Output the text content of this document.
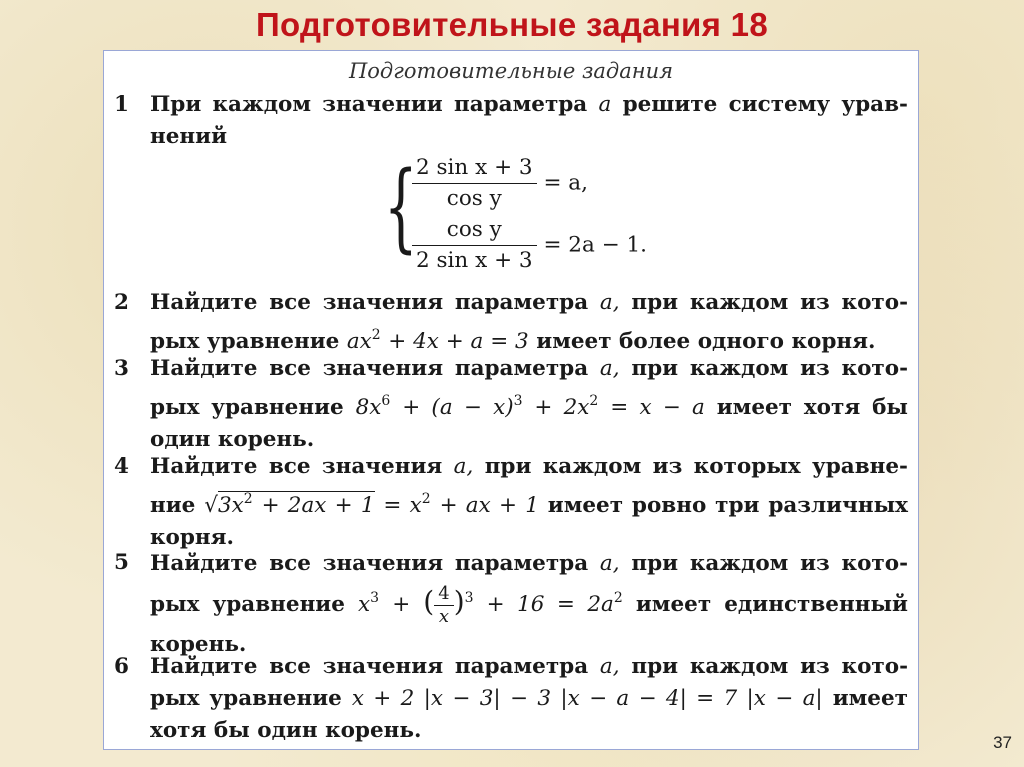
Подготовительные задания 18
Подготовительные задания
1 При каждом значении параметра a решите систему урав-нений
{
$\frac{\text{2 sin x + 3}}{\text{cos y}} = a$,
$\frac{\text{cos y}}{\text{2 sin x + 3}} = 2a - 1$.
2 Найдите все значения параметра a, при каждом из кото-рых уравнение $ax^2 + 4x + a = 3$ имеет более одного корня.
3 Найдите все значения параметра a, при каждом из кото-рых уравнение $8x^6 + (a - x)^3 + 2x^2 = x - a$ имеет хотя бы один корень.
4 Найдите все значения a, при каждом из которых уравне-ние $√3x^2 + 2ax + 1 = x^2$ + ax + 1 имеет ровно три различных корня.
5 Найдите все значения параметра a, при каждом из кото-рых уравнение $x^3$ + ( $\frac{4}{x} )^3 + 16 = 2a^2$ имеет единственный корень.
6 Найдите все значения параметра a, при каждом из кото-рых уравнение x + 2 |x − 3| − 3 |x − a − 4| = 7 |x − a| имеет хотя бы один корень.	37
